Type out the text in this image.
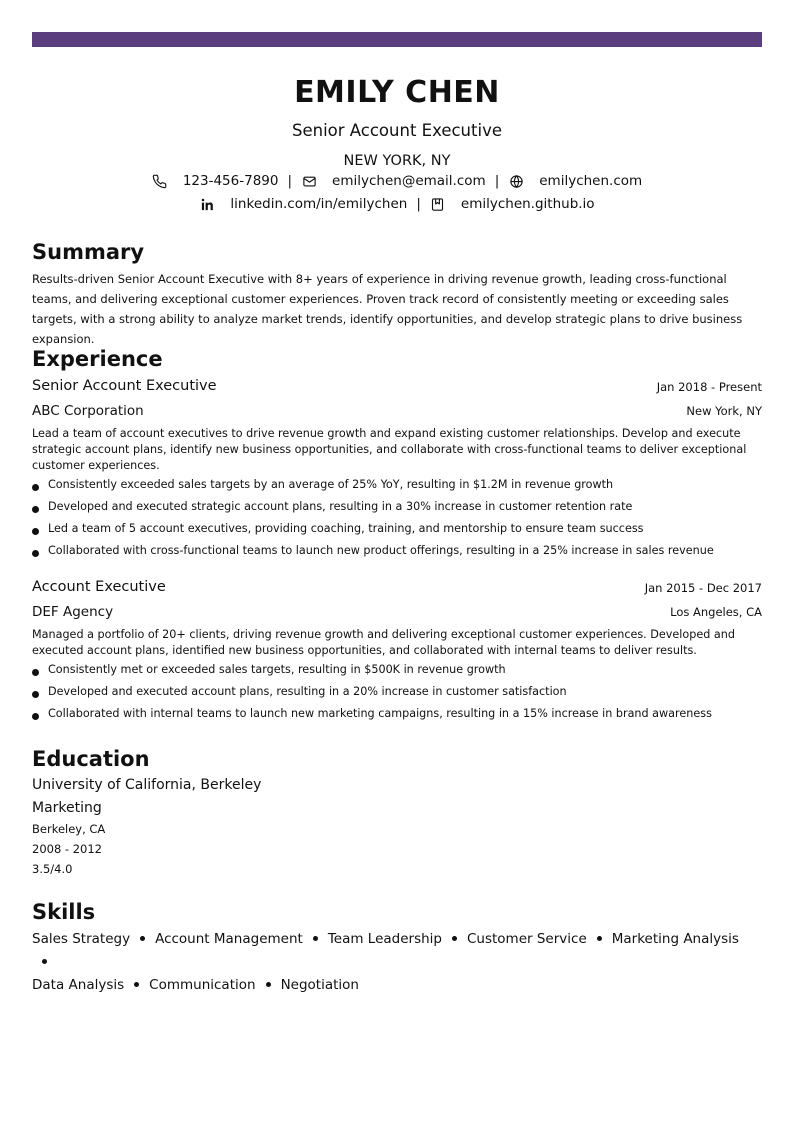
EMILY CHEN
Senior Account Executive
NEW YORK, NY
123-456-7890 |	emilychen@email.com |	emilychen.com
linkedin.com/in/emilychen |	emilychen.github.io
Summary
Results-driven Senior Account Executive with 8+ years of experience in driving revenue growth, leading cross-functional teams, and delivering exceptional customer experiences. Proven track record of consistently meeting or exceeding sales targets, with a strong ability to analyze market trends, identify opportunities, and develop strategic plans to drive business expansion.
Experience
Senior Account Executive	Jan 2018 - Present
ABC Corporation	New York, NY
Lead a team of account executives to drive revenue growth and expand existing customer relationships. Develop and execute strategic account plans, identify new business opportunities, and collaborate with cross-functional teams to deliver exceptional customer experiences.
Consistently exceeded sales targets by an average of 25% YoY, resulting in $1.2M in revenue growth
Developed and executed strategic account plans, resulting in a 30% increase in customer retention rate
Led a team of 5 account executives, providing coaching, training, and mentorship to ensure team success
Collaborated with cross-functional teams to launch new product offerings, resulting in a 25% increase in sales revenue
Account Executive	Jan 2015 - Dec 2017
DEF Agency	Los Angeles, CA
Managed a portfolio of 20+ clients, driving revenue growth and delivering exceptional customer experiences. Developed and executed account plans, identified new business opportunities, and collaborated with internal teams to deliver results.
Consistently met or exceeded sales targets, resulting in $500K in revenue growth
Developed and executed account plans, resulting in a 20% increase in customer satisfaction
Collaborated with internal teams to launch new marketing campaigns, resulting in a 15% increase in brand awareness
Education
University of California, Berkeley
Marketing
Berkeley, CA
2008 - 2012
3.5/4.0
Skills
Sales Strategy Account Management Team Leadership Customer Service Marketing Analysis
Data Analysis Communication Negotiation
